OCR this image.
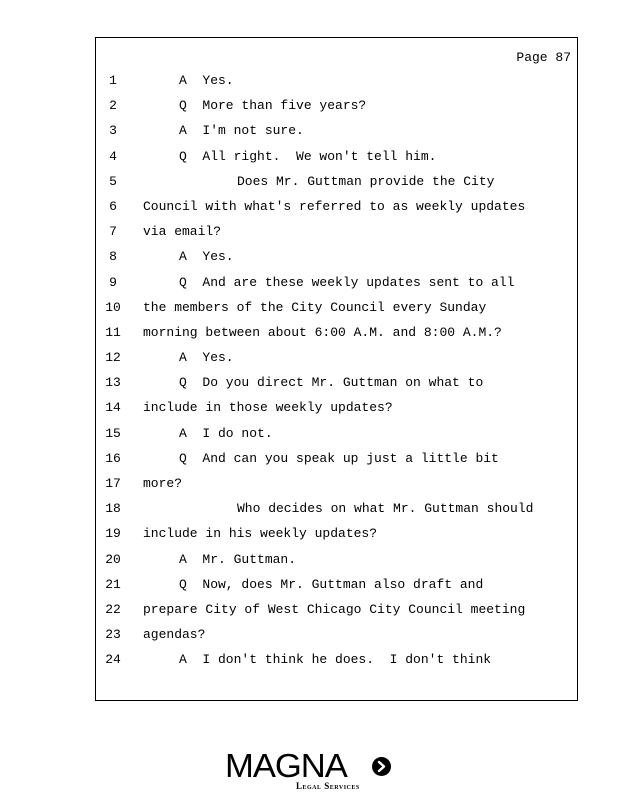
Page 87
1	A  Yes.
2	Q  More than five years?
3	A  I'm not sure.
4	Q  All right.  We won't tell him.
5	Does Mr. Guttman provide the City
6	Council with what's referred to as weekly updates
7	via email?
8	A  Yes.
9	Q  And are these weekly updates sent to all
10	the members of the City Council every Sunday
11	morning between about 6:00 A.M. and 8:00 A.M.?
12	A  Yes.
13	Q  Do you direct Mr. Guttman on what to
14	include in those weekly updates?
15	A  I do not.
16	Q  And can you speak up just a little bit
17	more?
18	Who decides on what Mr. Guttman should
19	include in his weekly updates?
20	A  Mr. Guttman.
21	Q  Now, does Mr. Guttman also draft and
22	prepare City of West Chicago City Council meeting
23	agendas?
24	A  I don't think he does.  I don't think
MAGNA
Legal Services
